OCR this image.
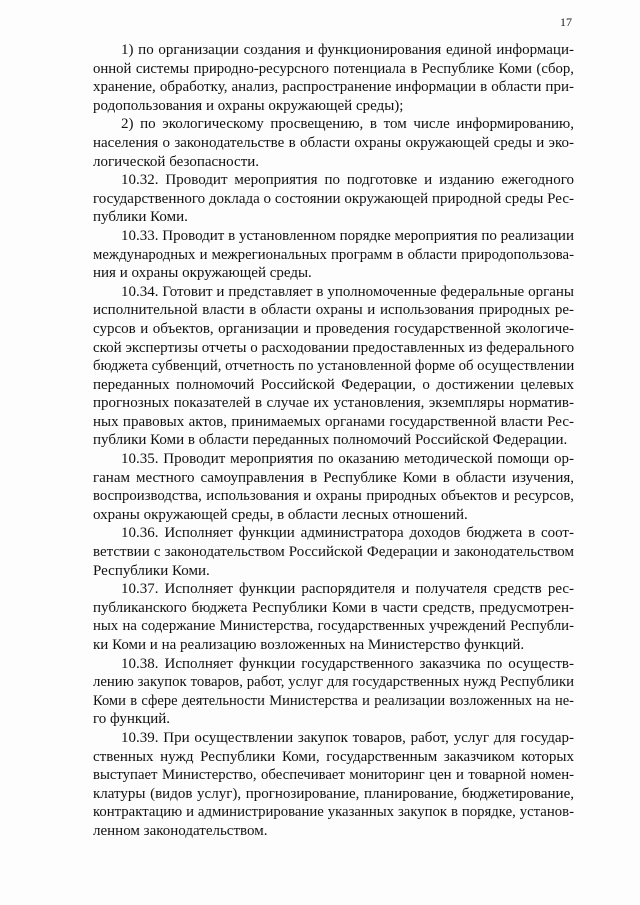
17
1) по организации создания и функционирования единой информаци-
онной системы природно-ресурсного потенциала в Республике Коми (сбор,
хранение, обработку, анализ, распространение информации в области при-
родопользования и охраны окружающей среды);
2) по экологическому просвещению, в том числе информированию,
населения о законодательстве в области охраны окружающей среды и эко-
логической безопасности.
10.32. Проводит мероприятия по подготовке и изданию ежегодного
государственного доклада о состоянии окружающей природной среды Рес-
публики Коми.
10.33. Проводит в установленном порядке мероприятия по реализации
международных и межрегиональных программ в области природопользова-
ния и охраны окружающей среды.
10.34. Готовит и представляет в уполномоченные федеральные органы
исполнительной власти в области охраны и использования природных ре-
сурсов и объектов, организации и проведения государственной экологиче-
ской экспертизы отчеты о расходовании предоставленных из федерального
бюджета субвенций, отчетность по установленной форме об осуществлении
переданных полномочий Российской Федерации, о достижении целевых
прогнозных показателей в случае их установления, экземпляры норматив-
ных правовых актов, принимаемых органами государственной власти Рес-
публики Коми в области переданных полномочий Российской Федерации.
10.35. Проводит мероприятия по оказанию методической помощи ор-
ганам местного самоуправления в Республике Коми в области изучения,
воспроизводства, использования и охраны природных объектов и ресурсов,
охраны окружающей среды, в области лесных отношений.
10.36. Исполняет функции администратора доходов бюджета в соот-
ветствии с законодательством Российской Федерации и законодательством
Республики Коми.
10.37. Исполняет функции распорядителя и получателя средств рес-
публиканского бюджета Республики Коми в части средств, предусмотрен-
ных на содержание Министерства, государственных учреждений Республи-
ки Коми и на реализацию возложенных на Министерство функций.
10.38. Исполняет функции государственного заказчика по осуществ-
лению закупок товаров, работ, услуг для государственных нужд Республики
Коми в сфере деятельности Министерства и реализации возложенных на не-
го функций.
10.39. При осуществлении закупок товаров, работ, услуг для государ-
ственных нужд Республики Коми, государственным заказчиком которых
выступает Министерство, обеспечивает мониторинг цен и товарной номен-
клатуры (видов услуг), прогнозирование, планирование, бюджетирование,
контрактацию и администрирование указанных закупок в порядке, установ-
ленном законодательством.
